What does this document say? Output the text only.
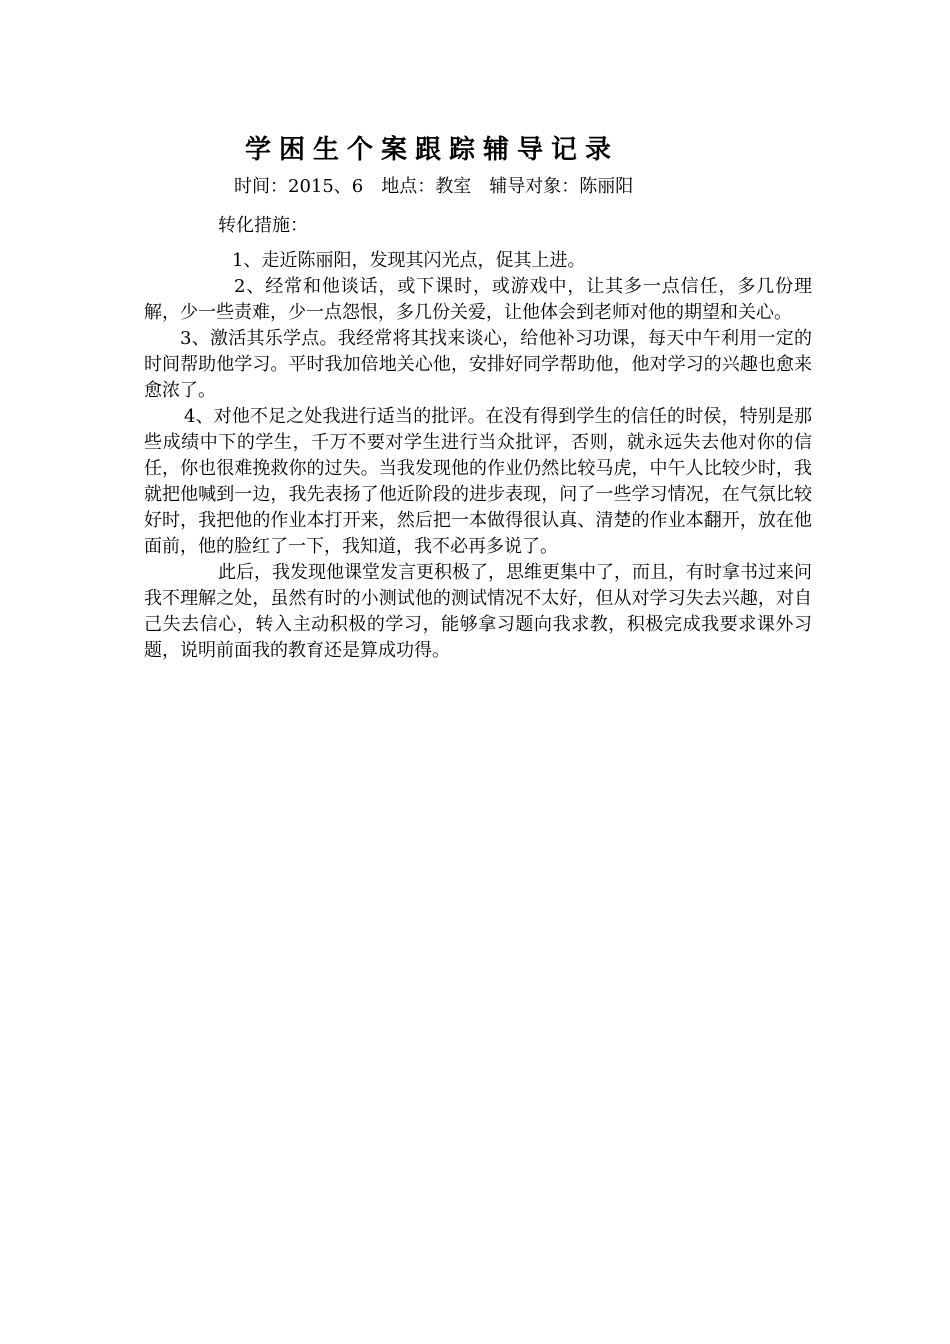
学困生个案跟踪辅导记录
时间：2015、6　地点：教室　辅导对象：陈丽阳
转化措施：

1、走近陈丽阳，发现其闪光点，促其上进。

2、经常和他谈话，或下课时，或游戏中，让其多一点信任，多几份理解，少一些责难，少一点怨恨，多几份关爱，让他体会到老师对他的期望和关心。

3、激活其乐学点。我经常将其找来谈心，给他补习功课，每天中午利用一定的时间帮助他学习。平时我加倍地关心他，安排好同学帮助他，他对学习的兴趣也愈来愈浓了。

4、对他不足之处我进行适当的批评。在没有得到学生的信任的时侯，特别是那些成绩中下的学生，千万不要对学生进行当众批评，否则，就永远失去他对你的信任，你也很难挽救你的过失。当我发现他的作业仍然比较马虎，中午人比较少时，我就把他喊到一边，我先表扬了他近阶段的进步表现，问了一些学习情况，在气氛比较好时，我把他的作业本打开来，然后把一本做得很认真、清楚的作业本翻开，放在他面前，他的脸红了一下，我知道，我不必再多说了。

此后，我发现他课堂发言更积极了，思维更集中了，而且，有时拿书过来问我不理解之处，虽然有时的小测试他的测试情况不太好，但从对学习失去兴趣，对自己失去信心，转入主动积极的学习，能够拿习题向我求教，积极完成我要求课外习题，说明前面我的教育还是算成功得。
